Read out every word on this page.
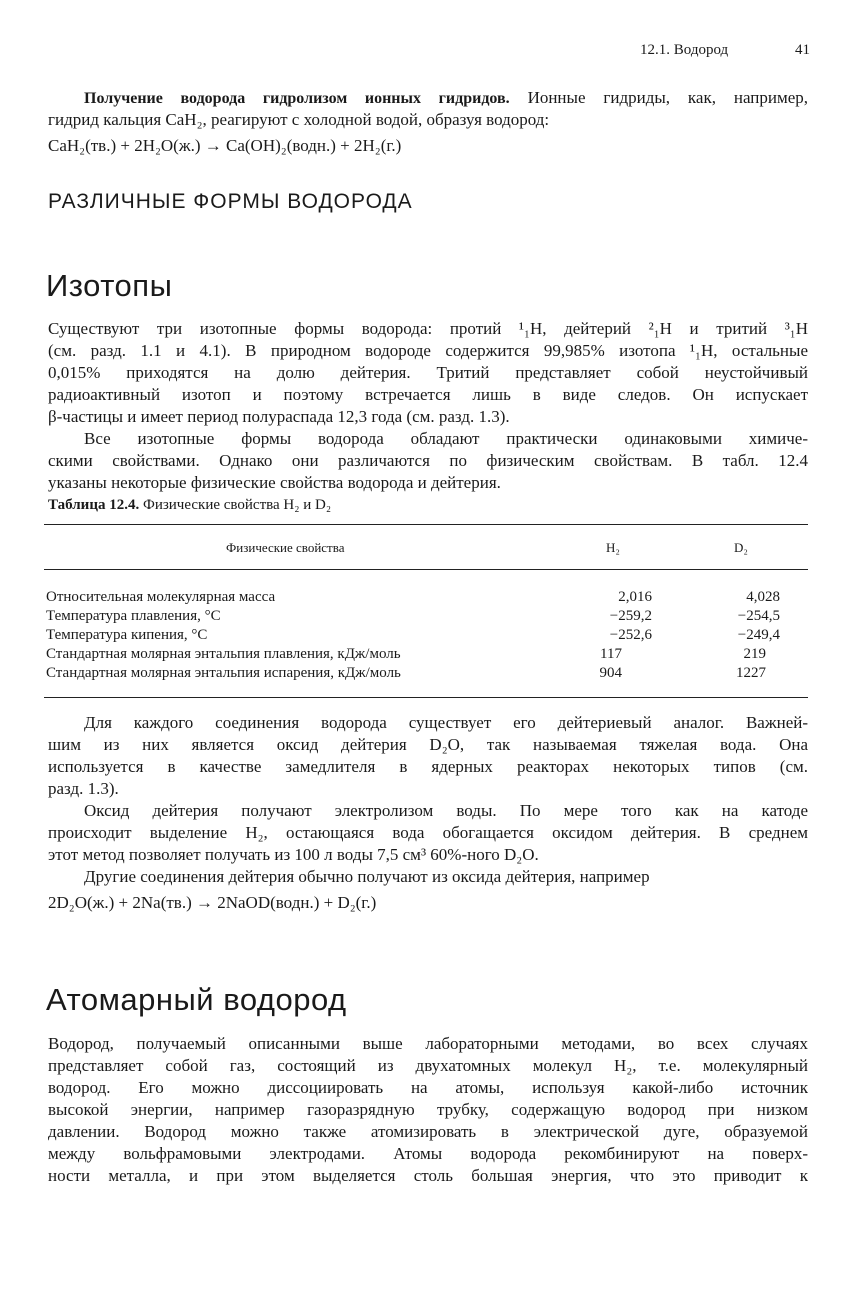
12.1. Водород	41
Получение водорода гидролизом ионных гидридов. Ионные гидриды, как, например,
гидрид кальция CaH₂, реагируют с холодной водой, образуя водород:
CaH₂(тв.) + 2H₂O(ж.) → Ca(OH)₂(водн.) + 2H₂(г.)
РАЗЛИЧНЫЕ ФОРМЫ ВОДОРОДА
Изотопы
Существуют три изотопные формы водорода: протий ¹₁H, дейтерий ²₁H и тритий ³₁H
(см. разд. 1.1 и 4.1). В природном водороде содержится 99,985% изотопа ¹₁H, остальные
0,015% приходятся на долю дейтерия. Тритий представляет собой неустойчивый
радиоактивный изотоп и поэтому встречается лишь в виде следов. Он испускает
β-частицы и имеет период полураспада 12,3 года (см. разд. 1.3).
Все изотопные формы водорода обладают практически одинаковыми химиче-
скими свойствами. Однако они различаются по физическим свойствам. В табл. 12.4
указаны некоторые физические свойства водорода и дейтерия.
Таблица 12.4. Физические свойства H₂ и D₂
Физические свойства	H₂	D₂
Относительная молекулярная масса	2,016	4,028
Температура плавления, °C	−259,2	−254,5
Температура кипения, °C	−252,6	−249,4
Стандартная молярная энтальпия плавления, кДж/моль	117	219
Стандартная молярная энтальпия испарения, кДж/моль	904	1227
Для каждого соединения водорода существует его дейтериевый аналог. Важней-
шим из них является оксид дейтерия D₂O, так называемая тяжелая вода. Она
используется в качестве замедлителя в ядерных реакторах некоторых типов (см.
разд. 1.3).
Оксид дейтерия получают электролизом воды. По мере того как на катоде
происходит выделение H₂, остающаяся вода обогащается оксидом дейтерия. В среднем
этот метод позволяет получать из 100 л воды 7,5 см³ 60%-ного D₂O.
Другие соединения дейтерия обычно получают из оксида дейтерия, например
2D₂O(ж.) + 2Na(тв.) → 2NaOD(водн.) + D₂(г.)
Атомарный водород
Водород, получаемый описанными выше лабораторными методами, во всех случаях
представляет собой газ, состоящий из двухатомных молекул H₂, т.е. молекулярный
водород. Его можно диссоциировать на атомы, используя какой-либо источник
высокой энергии, например газоразрядную трубку, содержащую водород при низком
давлении. Водород можно также атомизировать в электрической дуге, образуемой
между вольфрамовыми электродами. Атомы водорода рекомбинируют на поверх-
ности металла, и при этом выделяется столь большая энергия, что это приводит к
